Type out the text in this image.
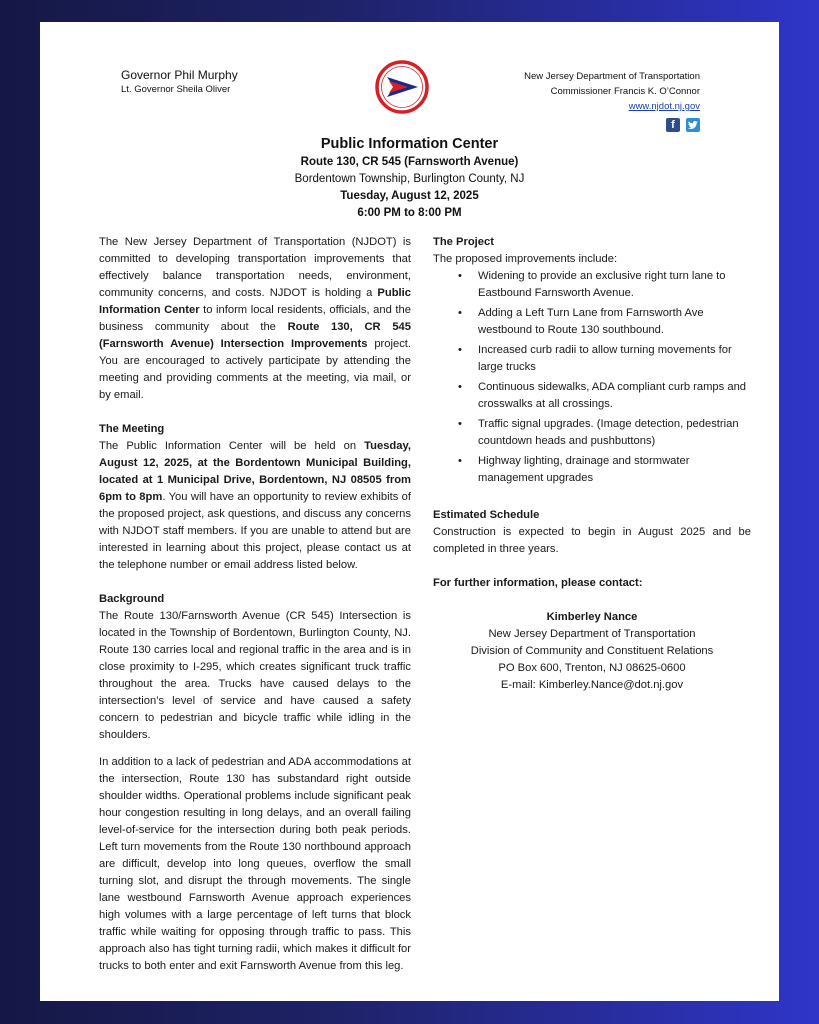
Governor Phil Murphy
Lt. Governor Sheila Oliver
New Jersey Department of Transportation
Commissioner Francis K. O’Connor
www.njdot.nj.gov
f
Public Information Center
Route 130, CR 545 (Farnsworth Avenue)
Bordentown Township, Burlington County, NJ
Tuesday, August 12, 2025
6:00 PM to 8:00 PM

The New Jersey Department of Transportation (NJDOT) is committed to developing transportation improvements that effectively balance transportation needs, environment, community concerns, and costs. NJDOT is holding a Public Information Center to inform local residents, officials, and the business community about the Route 130, CR 545 (Farnsworth Avenue) Intersection Improvements project. You are encouraged to actively participate by attending the meeting and providing comments at the meeting, via mail, or by email.

The Meeting

The Public Information Center will be held on Tuesday, August 12, 2025, at the Bordentown Municipal Building, located at 1 Municipal Drive, Bordentown, NJ 08505 from 6pm to 8pm. You will have an opportunity to review exhibits of the proposed project, ask questions, and discuss any concerns with NJDOT staff members. If you are unable to attend but are interested in learning about this project, please contact us at the telephone number or email address listed below.

Background

The Route 130/Farnsworth Avenue (CR 545) Intersection is located in the Township of Bordentown, Burlington County, NJ. Route 130 carries local and regional traffic in the area and is in close proximity to I-295, which creates significant truck traffic throughout the area. Trucks have caused delays to the intersection’s level of service and have caused a safety concern to pedestrian and bicycle traffic while idling in the shoulders.

In addition to a lack of pedestrian and ADA accommodations at the intersection, Route 130 has substandard right outside shoulder widths. Operational problems include significant peak hour congestion resulting in long delays, and an overall failing level-of-service for the intersection during both peak periods. Left turn movements from the Route 130 northbound approach are difficult, develop into long queues, overflow the small turning slot, and disrupt the through movements. The single lane westbound Farnsworth Avenue approach experiences high volumes with a large percentage of left turns that block traffic while waiting for opposing through traffic to pass. This approach also has tight turning radii, which makes it difficult for trucks to both enter and exit Farnsworth Avenue from this leg.

The Project

The proposed improvements include:

• Widening to provide an exclusive right turn lane to Eastbound Farnsworth Avenue.
• Adding a Left Turn Lane from Farnsworth Ave westbound to Route 130 southbound.
• Increased curb radii to allow turning movements for large trucks
• Continuous sidewalks, ADA compliant curb ramps and crosswalks at all crossings.
• Traffic signal upgrades. (Image detection, pedestrian countdown heads and pushbuttons)
• Highway lighting, drainage and stormwater management upgrades
Estimated Schedule

Construction is expected to begin in August 2025 and be completed in three years.

For further information, please contact:
Kimberley Nance
New Jersey Department of Transportation
Division of Community and Constituent Relations
PO Box 600, Trenton, NJ 08625-0600
E-mail: Kimberley.Nance@dot.nj.gov
